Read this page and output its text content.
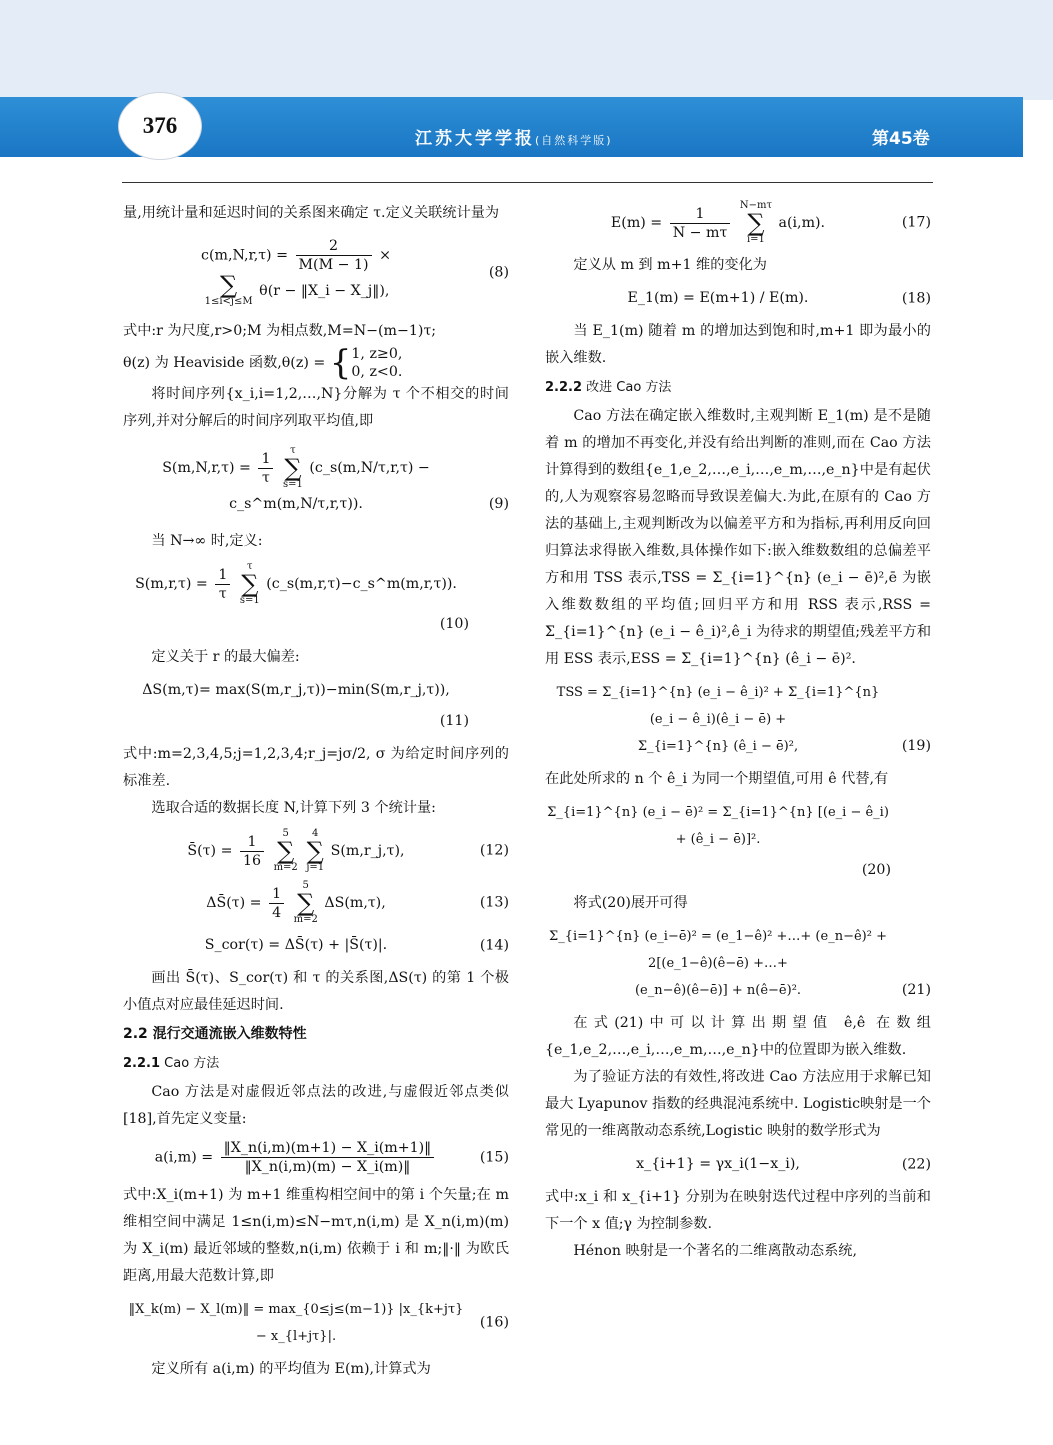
376
江苏大学学报(自然科学版)	第45卷

量,用统计量和延迟时间的关系图来确定 τ.定义关联统计量为

$c(m,N,r,\tau) = \frac{2}{M(M - 1)}$ ×
∑
1≤i<j≤M
θ(r − ‖X_i − X_j‖),
(8)

式中:r 为尺度,r>0;M 为相点数,M=N−(m−1)τ;

θ(z) 为 Heaviside 函数,θ(z) = { 1, z≥0,
0, z<0.

将时间序列{x_i,i=1,2,…,N}分解为 τ 个不相交的时间序列,并对分解后的时间序列取平均值,即

$S(m,N,r,\tau) = \frac{1}{\tau}$
	τ
∑
s=1
(c_s(m,N/τ,r,τ) −
c_s^m(m,N/τ,r,τ)).	(9)

当 N→∞ 时,定义:

$S(m,r,\tau) = \frac{1}{\tau}$
	τ
∑
s=1
(c_s(m,r,τ)−c_s^m(m,r,τ)).
(10)

定义关于 r 的最大偏差:

ΔS(m,τ)= max(S(m,r_j,τ))−min(S(m,r_j,τ)),
(11)

式中:m=2,3,4,5;j=1,2,3,4;r_j=jσ/2, σ 为给定时间序列的标准差.

选取合适的数据长度 N,计算下列 3 个统计量:

S̄(τ) = $\frac{1}{16}$
	5
∑
m=2

4
∑
j=1
S(m,r_j,τ),	(12)
ΔS̄(τ) = $\frac{1}{4}$
	5
∑
m=2
ΔS(m,τ),	(13)
S_cor(τ) = ΔS̄(τ) + |S̄(τ)|.	(14)

画出 S̄(τ)、S_cor(τ) 和 τ 的关系图,ΔS(τ) 的第 1 个极小值点对应最佳延迟时间.

2.2 混行交通流嵌入维数特性
2.2.1 Cao 方法

Cao 方法是对虚假近邻点法的改进,与虚假近邻点类似[18],首先定义变量:

$a(i,m) = \frac{‖X\_n(i,m)(m+1) - X\_i(m+1)‖}{‖X\_n(i,m)(m) - X\_i(m)‖}$	(15)

式中:X_i(m+1) 为 m+1 维重构相空间中的第 i 个矢量;在 m 维相空间中满足 1≤n(i,m)≤N−mτ,n(i,m) 是 X_n(i,m)(m) 为 X_i(m) 最近邻域的整数,n(i,m) 依赖于 i 和 m;‖·‖ 为欧氏距离,用最大范数计算,即

‖X_k(m) − X_l(m)‖ = max_{0≤j≤(m−1)} |x_{k+jτ} − x_{l+jτ}|.
(16)

定义所有 a(i,m) 的平均值为 E(m),计算式为

$E(m) = \frac{1}{N - m\tau}$
N−mτ
∑
i=1
a(i,m).	(17)

定义从 m 到 m+1 维的变化为

E_1(m) = E(m+1) / E(m).	(18)

当 E_1(m) 随着 m 的增加达到饱和时,m+1 即为最小的嵌入维数.

2.2.2 改进 Cao 方法

Cao 方法在确定嵌入维数时,主观判断 E_1(m) 是不是随着 m 的增加不再变化,并没有给出判断的准则,而在 Cao 方法计算得到的数组{e_1,e_2,…,e_i,…,e_m,…,e_n}中是有起伏的,人为观察容易忽略而导致误差偏大.为此,在原有的 Cao 方法的基础上,主观判断改为以偏差平方和为指标,再利用反向回归算法求得嵌入维数,具体操作如下:嵌入维数数组的总偏差平方和用 TSS 表示,TSS = Σ_{i=1}^{n} (e_i − ē)²,ē 为嵌入维数数组的平均值;回归平方和用 RSS 表示,RSS = Σ_{i=1}^{n} (e_i − ê_i)²,ê_i 为待求的期望值;残差平方和用 ESS 表示,ESS = Σ_{i=1}^{n} (ê_i − ē)².

TSS = Σ_{i=1}^{n} (e_i − ê_i)² + Σ_{i=1}^{n} (e_i − ê_i)(ê_i − ē) +
Σ_{i=1}^{n} (ê_i − ē)²,	(19)

在此处所求的 n 个 ê_i 为同一个期望值,可用 ê 代替,有

Σ_{i=1}^{n} (e_i − ē)² = Σ_{i=1}^{n} [(e_i − ê_i) + (ê_i − ē)]².
(20)

将式(20)展开可得

Σ_{i=1}^{n} (e_i−ē)² = (e_1−ê)² +…+ (e_n−ê)² +
2[(e_1−ê)(ê−ē) +…+
(e_n−ê)(ê−ē)] + n(ê−ē)².	(21)

在式(21)中可以计算出期望值 ê,ê 在数组{e_1,e_2,…,e_i,…,e_m,…,e_n}中的位置即为嵌入维数.

为了验证方法的有效性,将改进 Cao 方法应用于求解已知最大 Lyapunov 指数的经典混沌系统中. Logistic映射是一个常见的一维离散动态系统,Logistic 映射的数学形式为

x_{i+1} = γx_i(1−x_i),	(22)

式中:x_i 和 x_{i+1} 分别为在映射迭代过程中序列的当前和下一个 x 值;γ 为控制参数.

Hénon 映射是一个著名的二维离散动态系统,
